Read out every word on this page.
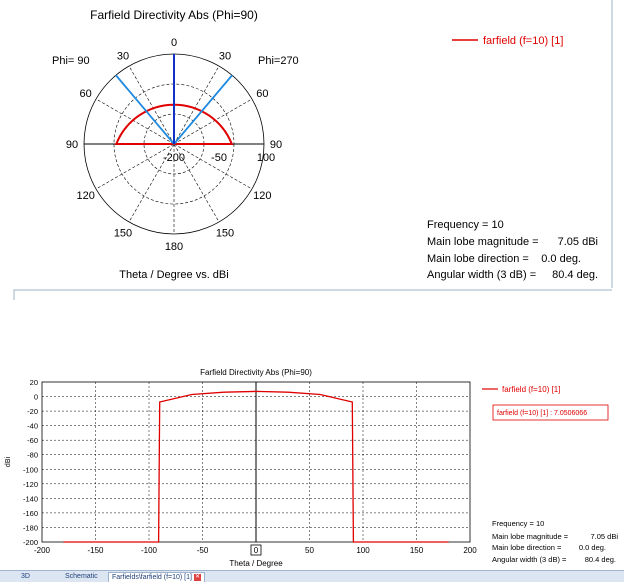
Farfield Directivity Abs (Phi=90)
Phi= 90	Phi=270
-200 -50	100
0
30
60
90
120
150
180
30
60
90
120
150
Theta / Degree vs. dBi
farfield (f=10) [1]
Frequency = 10
Main lobe magnitude = 7.05 dBi
Main lobe direction = 0.0 deg.
Angular width (3 dB) = 80.4 deg.
Farfield Directivity Abs (Phi=90)
-200	-150	-100	-50	50	100	150	200
20
0
-20
-40
-60
-80
-100
-120
-140
-160
-180
-200
0
dBi
Theta / Degree
farfield (f=10) [1]
farfield (f=10) [1] : 7.0506066
Frequency = 10
Main lobe magnitude =	7.05 dBi
Main lobe direction = 0.0 deg.
Angular width (3 dB) = 80.4 deg.
3D	Schematic	Farfields\farfield (f=10) [1] ✕
